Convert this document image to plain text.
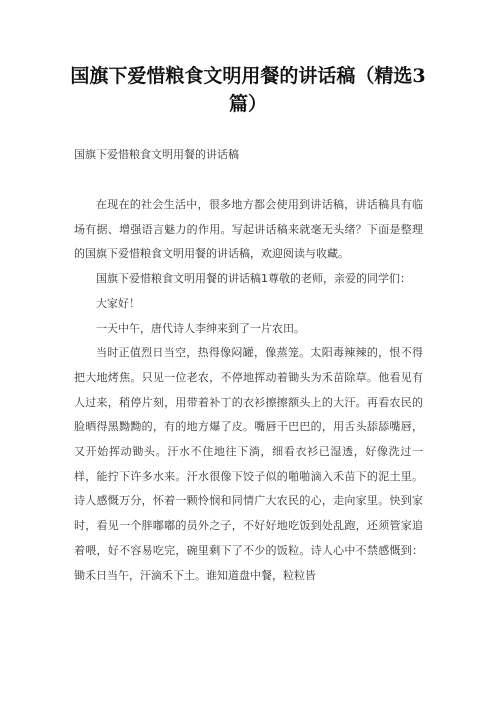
国旗下爱惜粮食文明用餐的讲话稿（精选3篇）
国旗下爱惜粮食文明用餐的讲话稿

在现在的社会生活中，很多地方都会使用到讲话稿，讲话稿具有临场有据、增强语言魅力的作用。写起讲话稿来就毫无头绪？下面是整理的国旗下爱惜粮食文明用餐的讲话稿，欢迎阅读与收藏。

国旗下爱惜粮食文明用餐的讲话稿1尊敬的老师，亲爱的同学们：

大家好！

一天中午，唐代诗人李绅来到了一片农田。

当时正值烈日当空，热得像闷罐，像蒸笼。太阳毒辣辣的，恨不得把大地烤焦。只见一位老农，不停地挥动着锄头为禾苗除草。他看见有人过来，稍停片刻，用带着补丁的衣衫擦擦额头上的大汗。再看农民的脸晒得黑黝黝的，有的地方爆了皮。嘴唇干巴巴的，用舌头舔舔嘴唇，又开始挥动锄头。汗水不住地往下淌，细看衣衫已湿透，好像洗过一样，能拧下许多水来。汗水很像下饺子似的啪啪滴入禾苗下的泥土里。诗人感慨万分，怀着一颗怜悯和同情广大农民的心，走向家里。快到家时，看见一个胖嘟嘟的员外之子，不好好地吃饭到处乱跑，还须管家追着喂，好不容易吃完，碗里剩下了不少的饭粒。诗人心中不禁感慨到：锄禾日当午，汗滴禾下土。谁知道盘中餐，粒粒皆
